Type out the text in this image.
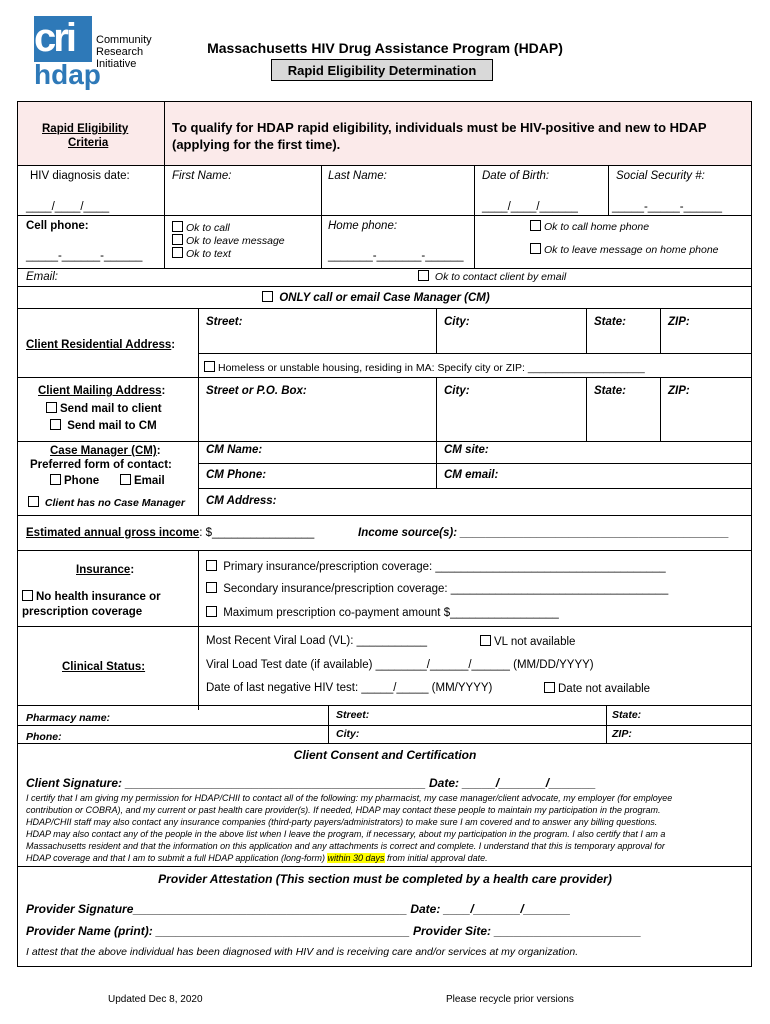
cri
hdap
Community
Research
Initiative
Massachusetts HIV Drug Assistance Program (HDAP)
Rapid Eligibility Determination
Rapid Eligibility
Criteria
To qualify for HDAP rapid eligibility, individuals must be HIV-positive and new to HDAP
(applying for the first time).
HIV diagnosis date:
____/____/____
First Name:	Last Name:	Date of Birth:
____/____/______
Social Security #:
_____-_____-______
Cell phone:
_____-______-______
Ok to call
Ok to leave message
Ok to text
Home phone:
_______-_______-______
Ok to call home phone
Ok to leave message on home phone
Email:	Ok to contact client by email
ONLY call or email Case Manager (CM)
Client Residential Address:
Street:	City:	State:	ZIP:
Homeless or unstable housing, residing in MA: Specify city or ZIP: ____________________
Client Mailing Address:
Send mail to client
Send mail to CM
Street or P.O. Box:	City:	State:	ZIP:
Case Manager (CM):
Preferred form of contact:
Phone	Email
Client has no Case Manager
CM Name:	CM site:
CM Phone:	CM email:
CM Address:
Estimated annual gross income: $________________	Income source(s): __________________________________________
Insurance:
No health insurance or
prescription coverage
Primary insurance/prescription coverage: ____________________________________
Secondary insurance/prescription coverage: __________________________________
Maximum prescription co-payment amount $_________________
Clinical Status:
Most Recent Viral Load (VL): ___________	VL not available
Viral Load Test date (if available) ________/______/______ (MM/DD/YYYY)
Date of last negative HIV test: _____/_____ (MM/YYYY)	Date not available
Pharmacy name:	Street:	State:
Phone:	City:	ZIP:
Client Consent and Certification
Client Signature: _____________________________________________ Date: _____/_______/_______
I certify that I am giving my permission for HDAP/CHII to contact all of the following: my pharmacist, my case manager/client advocate, my employer (for employee
contribution or COBRA), and my current or past health care provider(s). If needed, HDAP may contact these people to maintain my participation in the program.
HDAP/CHII staff may also contact any insurance companies (third-party payers/administrators) to make sure I am covered and to answer any billing questions.
HDAP may also contact any of the people in the above list when I leave the program, if necessary, about my participation in the program. I also certify that I am a
Massachusetts resident and that the information on this application and any attachments is correct and complete. I understand that this is temporary approval for
HDAP coverage and that I am to submit a full HDAP application (long-form) within 30 days from initial approval date.
Provider Attestation (This section must be completed by a health care provider)
Provider Signature_________________________________________ Date: ____/_______/_______
Provider Name (print): ______________________________________ Provider Site: ______________________
I attest that the above individual has been diagnosed with HIV and is receiving care and/or services at my organization.
Updated Dec 8, 2020	Please recycle prior versions
